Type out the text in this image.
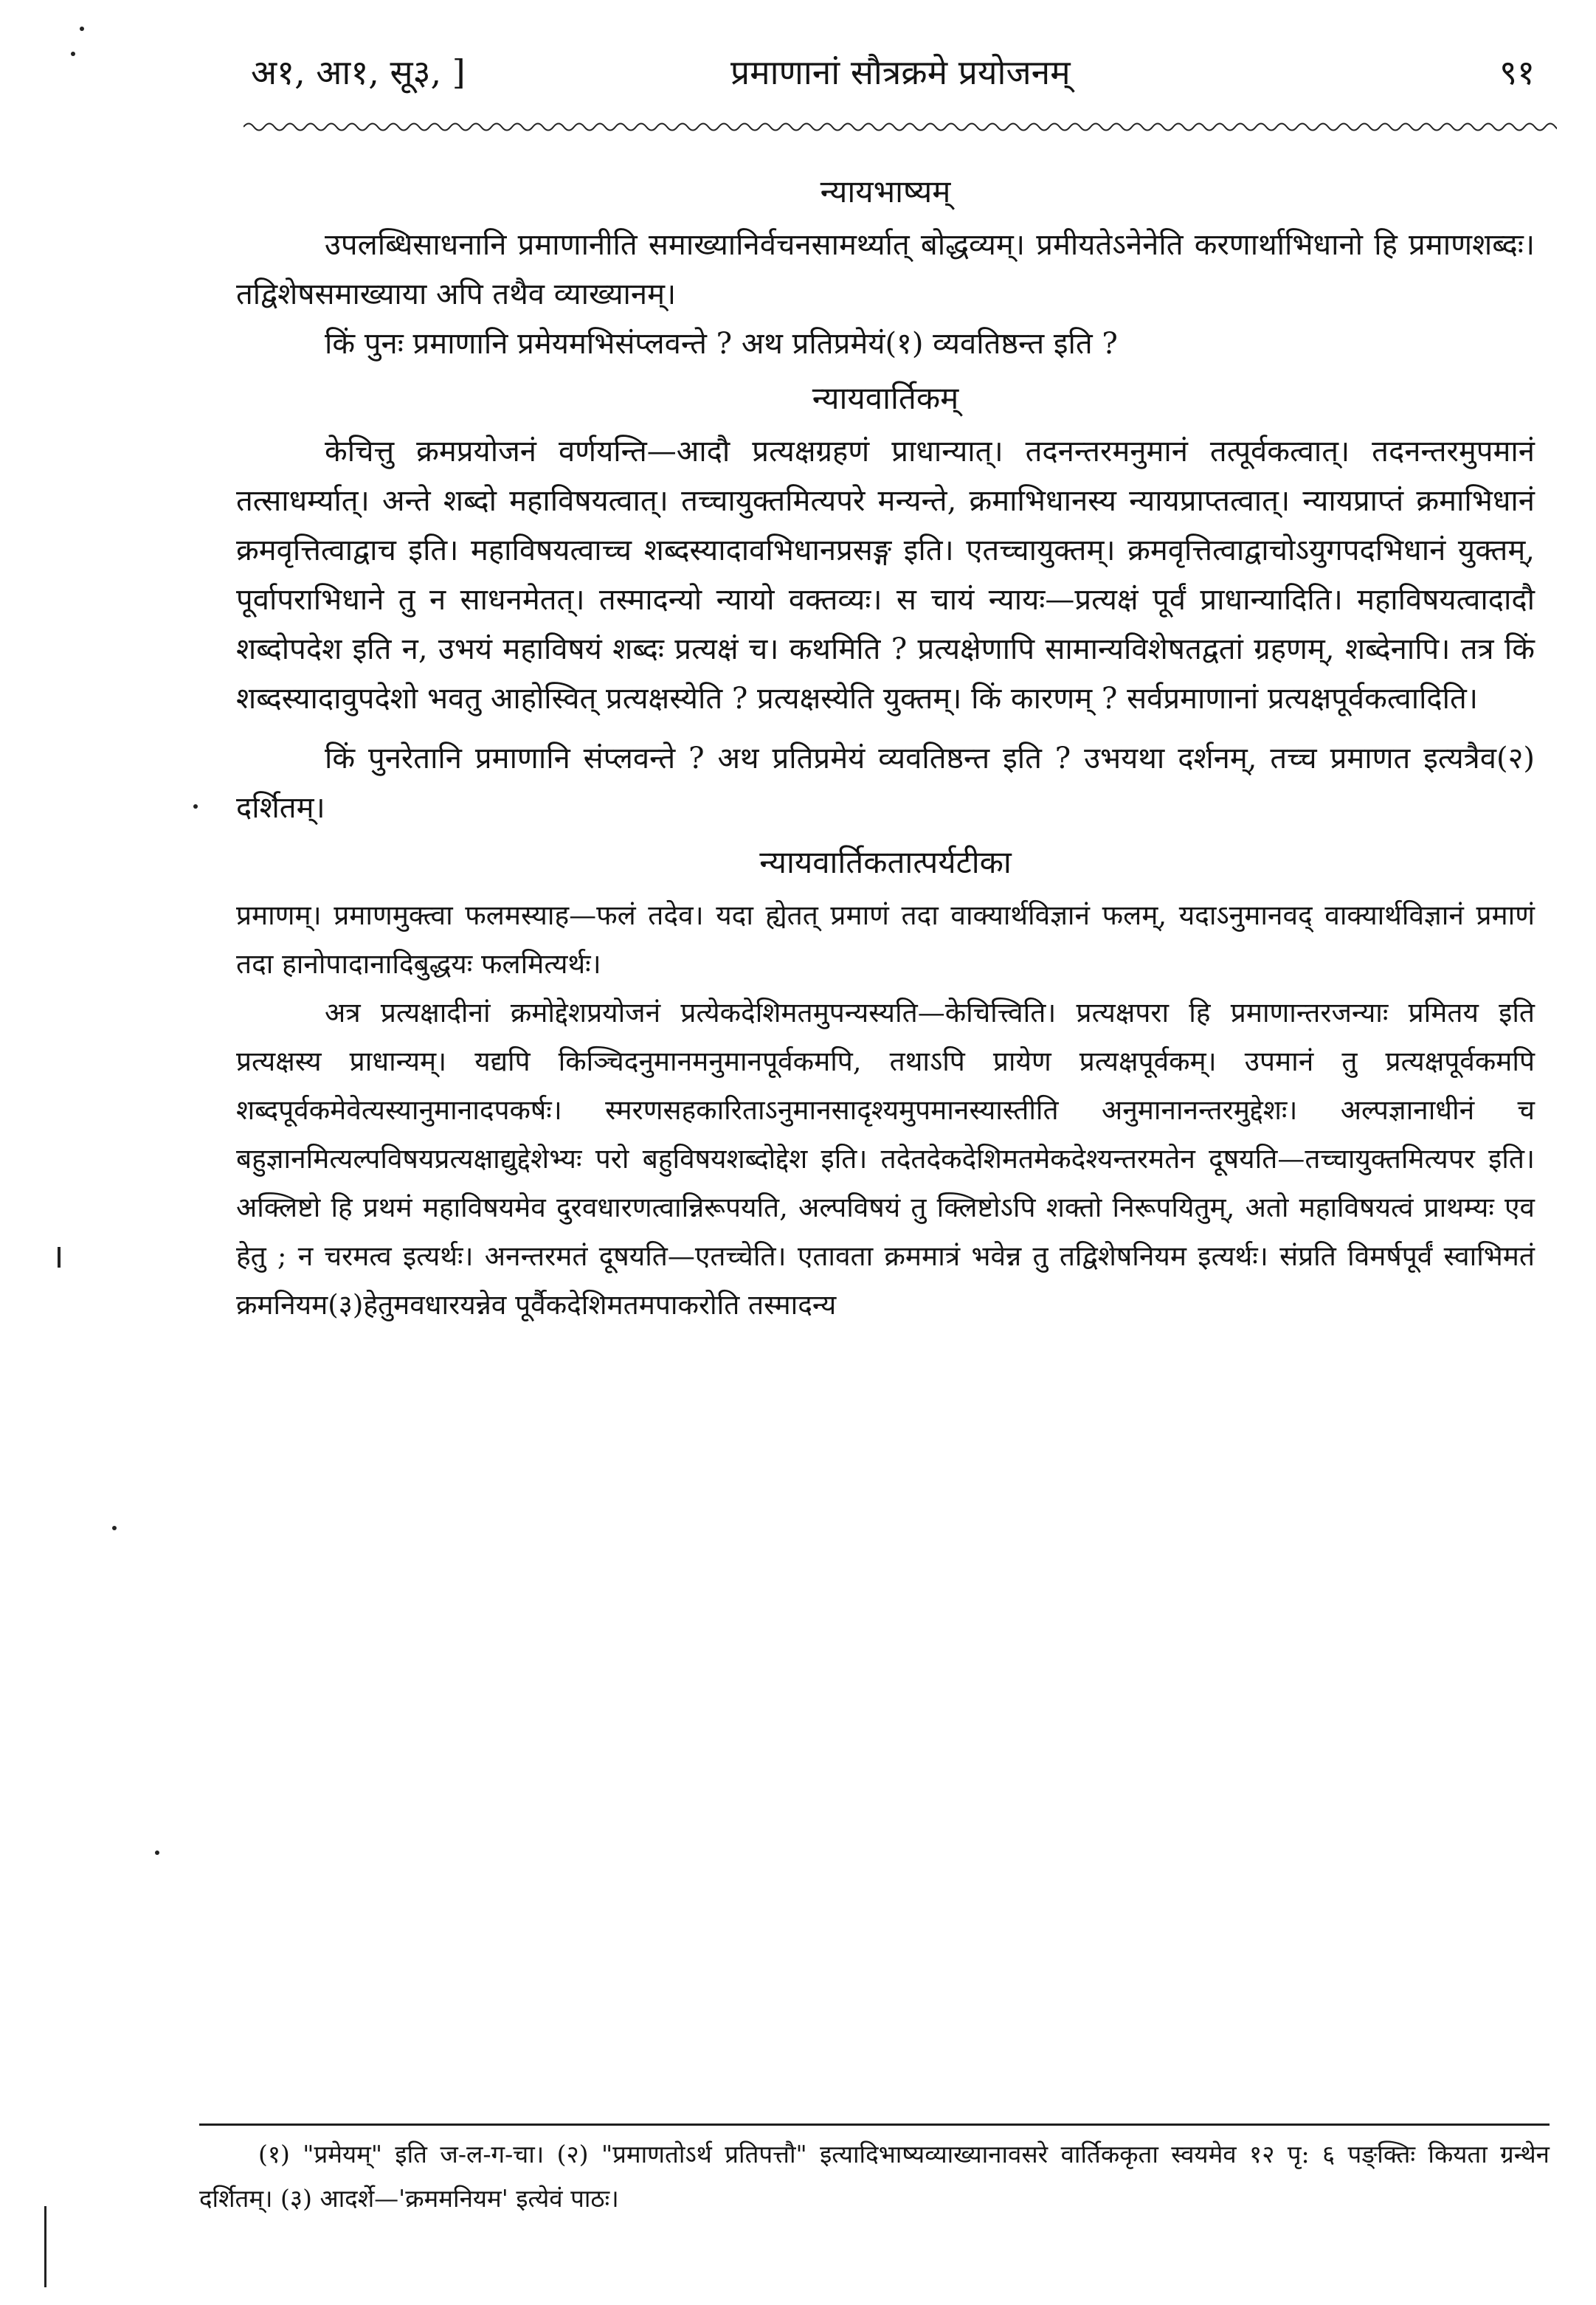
अ१, आ१, सू३, ]	प्रमाणानां सौत्रक्रमे प्रयोजनम्	९१
न्यायभाष्यम्

उपलब्धिसाधनानि प्रमाणानीति समाख्यानिर्वचनसामर्थ्यात् बोद्धव्यम्। प्रमीयतेऽनेनेति करणार्थाभिधानो हि प्रमाणशब्दः। तद्विशेषसमाख्याया अपि तथैव व्याख्यानम्।

किं पुनः प्रमाणानि प्रमेयमभिसंप्लवन्ते ? अथ प्रतिप्रमेयं(१) व्यवतिष्ठन्त इति ?

न्यायवार्तिकम्

केचित्तु क्रमप्रयोजनं वर्णयन्ति—आदौ प्रत्यक्षग्रहणं प्राधान्यात्। तदनन्तरमनुमानं तत्पूर्वकत्वात्। तदनन्तरमुपमानं तत्साधर्म्यात्। अन्ते शब्दो महाविषयत्वात्। तच्चायुक्तमित्यपरे मन्यन्ते, क्रमाभिधानस्य न्यायप्राप्तत्वात्। न्यायप्राप्तं क्रमाभिधानं क्रमवृत्तित्वाद्वाच इति। महाविषयत्वाच्च शब्दस्यादावभिधानप्रसङ्ग इति। एतच्चायुक्तम्। क्रमवृत्तित्वाद्वाचोऽयुगपदभिधानं युक्तम्, पूर्वापराभिधाने तु न साधनमेतत्। तस्मादन्यो न्यायो वक्तव्यः। स चायं न्यायः—प्रत्यक्षं पूर्वं प्राधान्यादिति। महाविषयत्वादादौ शब्दोपदेश इति न, उभयं महाविषयं शब्दः प्रत्यक्षं च। कथमिति ? प्रत्यक्षेणापि सामान्यविशेषतद्वतां ग्रहणम्, शब्देनापि। तत्र किं शब्दस्यादावुपदेशो भवतु आहोस्वित् प्रत्यक्षस्येति ? प्रत्यक्षस्येति युक्तम्। किं कारणम् ? सर्वप्रमाणानां प्रत्यक्षपूर्वकत्वादिति।

किं पुनरेतानि प्रमाणानि संप्लवन्ते ? अथ प्रतिप्रमेयं व्यवतिष्ठन्त इति ? उभयथा दर्शनम्, तच्च प्रमाणत इत्यत्रैव(२) दर्शितम्।

न्यायवार्तिकतात्पर्यटीका

प्रमाणम्। प्रमाणमुक्त्वा फलमस्याह—फलं तदेव। यदा ह्येतत् प्रमाणं तदा वाक्यार्थविज्ञानं फलम्, यदाऽनुमानवद् वाक्यार्थविज्ञानं प्रमाणं तदा हानोपादानादिबुद्धयः फलमित्यर्थः।

अत्र प्रत्यक्षादीनां क्रमोद्देशप्रयोजनं प्रत्येकदेशिमतमुपन्यस्यति—केचित्त्विति। प्रत्यक्षपरा हि प्रमाणान्तरजन्याः प्रमितय इति प्रत्यक्षस्य प्राधान्यम्। यद्यपि किञ्चिदनुमानमनुमानपूर्वकमपि, तथाऽपि प्रायेण प्रत्यक्षपूर्वकम्। उपमानं तु प्रत्यक्षपूर्वकमपि शब्दपूर्वकमेवेत्यस्यानुमानादपकर्षः। स्मरणसहकारिताऽनुमानसादृश्यमुपमानस्यास्तीति अनुमानानन्तरमुद्देशः। अल्पज्ञानाधीनं च बहुज्ञानमित्यल्पविषयप्रत्यक्षाद्युद्देशेभ्यः परो बहुविषयशब्दोद्देश इति। तदेतदेकदेशिमतमेकदेश्यन्तरमतेन दूषयति—तच्चायुक्तमित्यपर इति। अक्लिष्टो हि प्रथमं महाविषयमेव दुरवधारणत्वान्निरूपयति, अल्पविषयं तु क्लिष्टोऽपि शक्तो निरूपयितुम्, अतो महाविषयत्वं प्राथम्यः एव हेतु ; न चरमत्व इत्यर्थः। अनन्तरमतं दूषयति—एतच्चेति। एतावता क्रममात्रं भवेन्न तु तद्विशेषनियम इत्यर्थः। संप्रति विमर्षपूर्वं स्वाभिमतं क्रमनियम(३)हेतुमवधारयन्नेव पूर्वैकदेशिमतमपाकरोति तस्मादन्य

(१) "प्रमेयम्" इति ज-ल-ग-चा। (२) "प्रमाणतोऽर्थ प्रतिपत्तौ" इत्यादिभाष्यव्याख्यानावसरे वार्तिककृता स्वयमेव १२ पृ: ६ पङ्क्तिः कियता ग्रन्थेन दर्शितम्। (३) आदर्शे—'क्रममनियम' इत्येवं पाठः।
